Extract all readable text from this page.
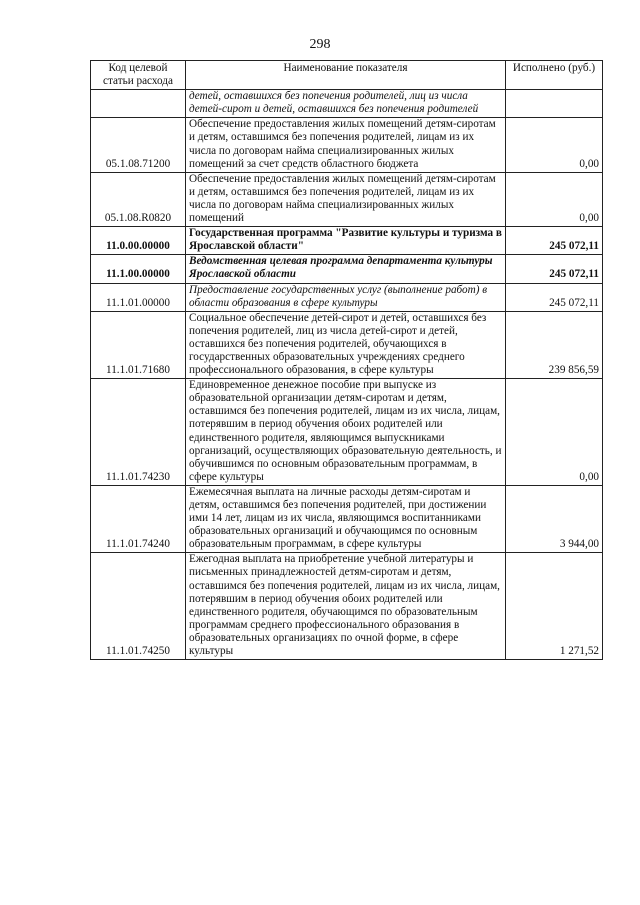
298
Код целевой статьи расхода	Наименование показателя	Исполнено (руб.)
	детей, оставшихся без попечения родителей, лиц из числа детей-сирот и детей, оставшихся без попечения родителей	
05.1.08.71200	Обеспечение предоставления жилых помещений детям-сиротам и детям, оставшимся без попечения родителей, лицам из их числа по договорам найма специализированных жилых помещений за счет средств областного бюджета	0,00
05.1.08.R0820	Обеспечение предоставления жилых помещений детям-сиротам и детям, оставшимся без попечения родителей, лицам из их числа по договорам найма специализированных жилых помещений	0,00
11.0.00.00000	Государственная программа "Развитие культуры и туризма в Ярославской области"	245 072,11
11.1.00.00000	Ведомственная целевая программа департамента культуры Ярославской области	245 072,11
11.1.01.00000	Предоставление государственных услуг (выполнение работ) в области образования в сфере культуры	245 072,11
11.1.01.71680	Социальное обеспечение детей-сирот и детей, оставшихся без попечения родителей, лиц из числа детей-сирот и детей, оставшихся без попечения родителей, обучающихся в государственных образовательных учреждениях среднего профессионального образования, в сфере культуры	239 856,59
11.1.01.74230	Единовременное денежное пособие при выпуске из образовательной организации детям-сиротам и детям, оставшимся без попечения родителей, лицам из их числа, лицам, потерявшим в период обучения обоих родителей или единственного родителя, являющимся выпускниками организаций, осуществляющих образовательную деятельность, и обучившимся по основным образовательным программам, в сфере культуры	0,00
11.1.01.74240	Ежемесячная выплата на личные расходы детям-сиротам и детям, оставшимся без попечения родителей, при достижении ими 14 лет, лицам из их числа, являющимся воспитанниками образовательных организаций и обучающимся по основным образовательным программам, в сфере культуры	3 944,00
11.1.01.74250	Ежегодная выплата на приобретение учебной литературы и письменных принадлежностей детям-сиротам и детям, оставшимся без попечения родителей, лицам из их числа, лицам, потерявшим в период обучения обоих родителей или единственного родителя, обучающимся по образовательным программам среднего профессионального образования в образовательных организациях по очной форме, в сфере культуры	1 271,52
